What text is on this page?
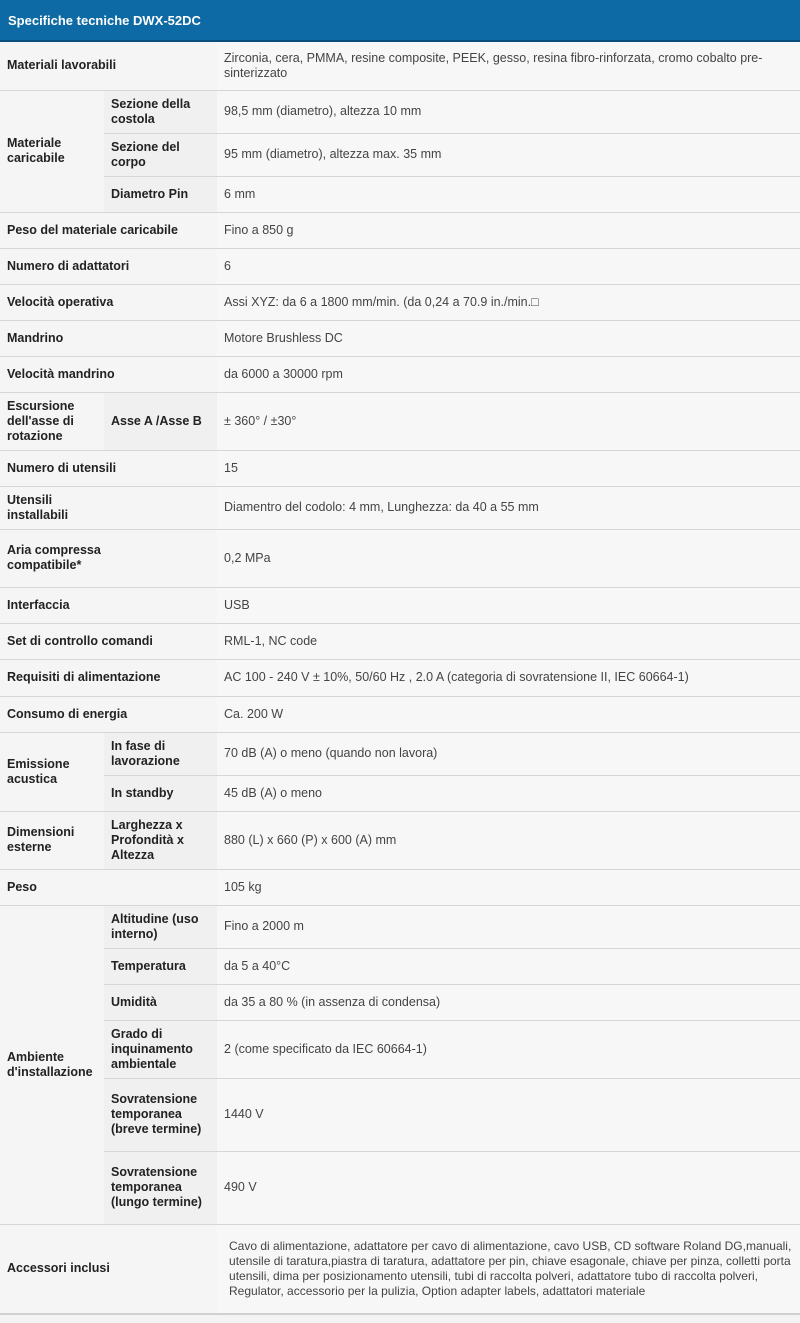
Specifiche tecniche DWX-52DC
Materiali lavorabili		Zirconia, cera, PMMA, resine composite, PEEK, gesso, resina fibro-rinforzata, cromo cobalto pre-sinterizzato
Materiale caricabile	Sezione della costola	98,5 mm (diametro), altezza 10 mm
	Sezione del corpo	95 mm (diametro), altezza max. 35 mm
	Diametro Pin	6 mm
Peso del materiale caricabile		Fino a 850 g
Numero di adattatori		6
Velocità operativa		Assi XYZ: da 6 a 1800 mm/min. (da 0,24 a 70.9 in./min.□
Mandrino		Motore Brushless DC
Velocità mandrino		da 6000 a 30000 rpm
Escursione dell'asse di rotazione	Asse A /Asse B	± 360° / ±30°
Numero di utensili		15
Utensili installabili		Diamentro del codolo: 4 mm, Lunghezza: da 40 a 55 mm
Aria compressa compatibile*		0,2 MPa
Interfaccia		USB
Set di controllo comandi		RML-1, NC code
Requisiti di alimentazione		AC 100 - 240 V ± 10%, 50/60 Hz , 2.0 A (categoria di sovratensione II, IEC 60664-1)
Consumo di energia		Ca. 200 W
Emissione acustica	In fase di lavorazione	70 dB (A) o meno (quando non lavora)
	In standby	45 dB (A) o meno
Dimensioni esterne	Larghezza x Profondità x Altezza	880 (L) x 660 (P) x 600 (A) mm
Peso		105 kg
Ambiente d'installazione	Altitudine (uso interno)	Fino a 2000 m
	Temperatura	da 5 a 40°C
	Umidità	da 35 a 80 % (in assenza di condensa)
	Grado di inquinamento ambientale	2 (come specificato da IEC 60664-1)
	Sovratensione temporanea (breve termine)	1440 V
	Sovratensione temporanea (lungo termine)	490 V
Accessori inclusi		Cavo di alimentazione, adattatore per cavo di alimentazione, cavo USB, CD software Roland DG,manuali, utensile di taratura,piastra di taratura, adattatore per pin, chiave esagonale, chiave per pinza, colletti porta utensili, dima per posizionamento utensili, tubi di raccolta polveri, adattatore tubo di raccolta polveri, Regulator, accessorio per la pulizia, Option adapter labels, adattatori materiale
